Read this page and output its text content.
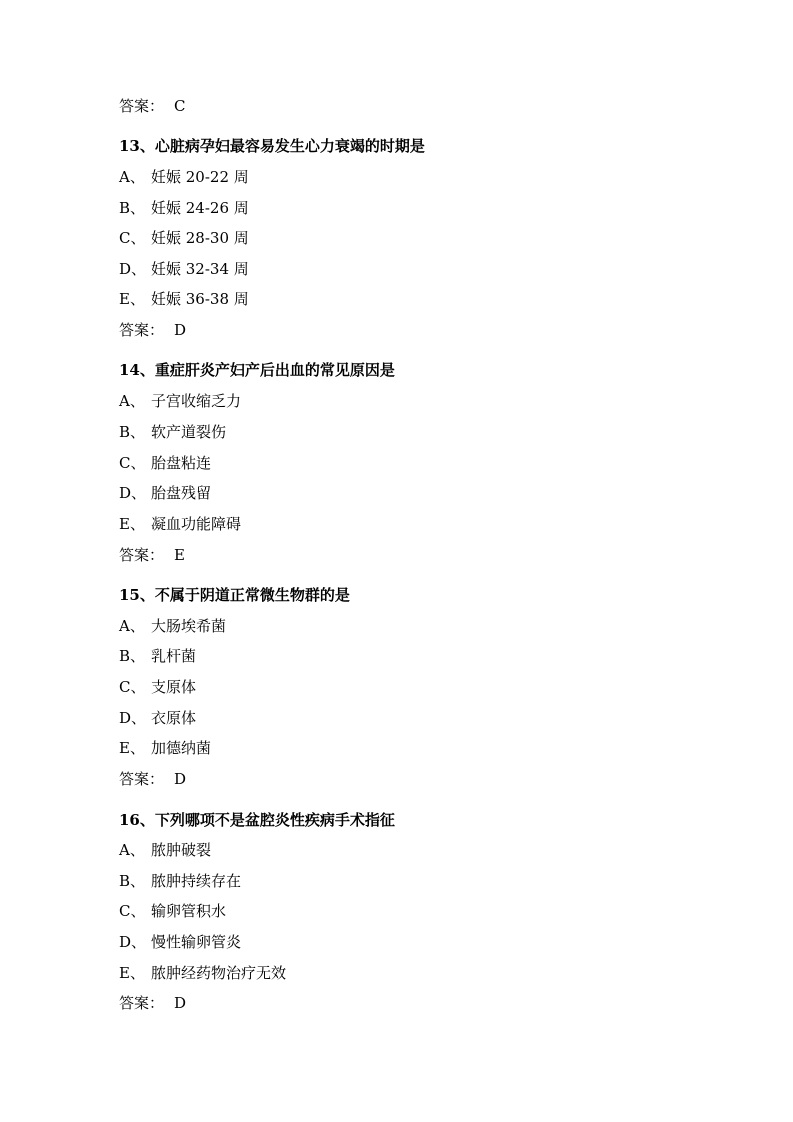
答案： C
13、心脏病孕妇最容易发生心力衰竭的时期是
A、 妊娠 20-22 周
B、 妊娠 24-26 周
C、 妊娠 28-30 周
D、 妊娠 32-34 周
E、 妊娠 36-38 周
答案： D
14、重症肝炎产妇产后出血的常见原因是
A、 子宫收缩乏力
B、 软产道裂伤
C、 胎盘粘连
D、 胎盘残留
E、 凝血功能障碍
答案： E
15、不属于阴道正常微生物群的是
A、 大肠埃希菌
B、 乳杆菌
C、 支原体
D、 衣原体
E、 加德纳菌
答案： D
16、下列哪项不是盆腔炎性疾病手术指征
A、 脓肿破裂
B、 脓肿持续存在
C、 输卵管积水
D、 慢性输卵管炎
E、 脓肿经药物治疗无效
答案： D
